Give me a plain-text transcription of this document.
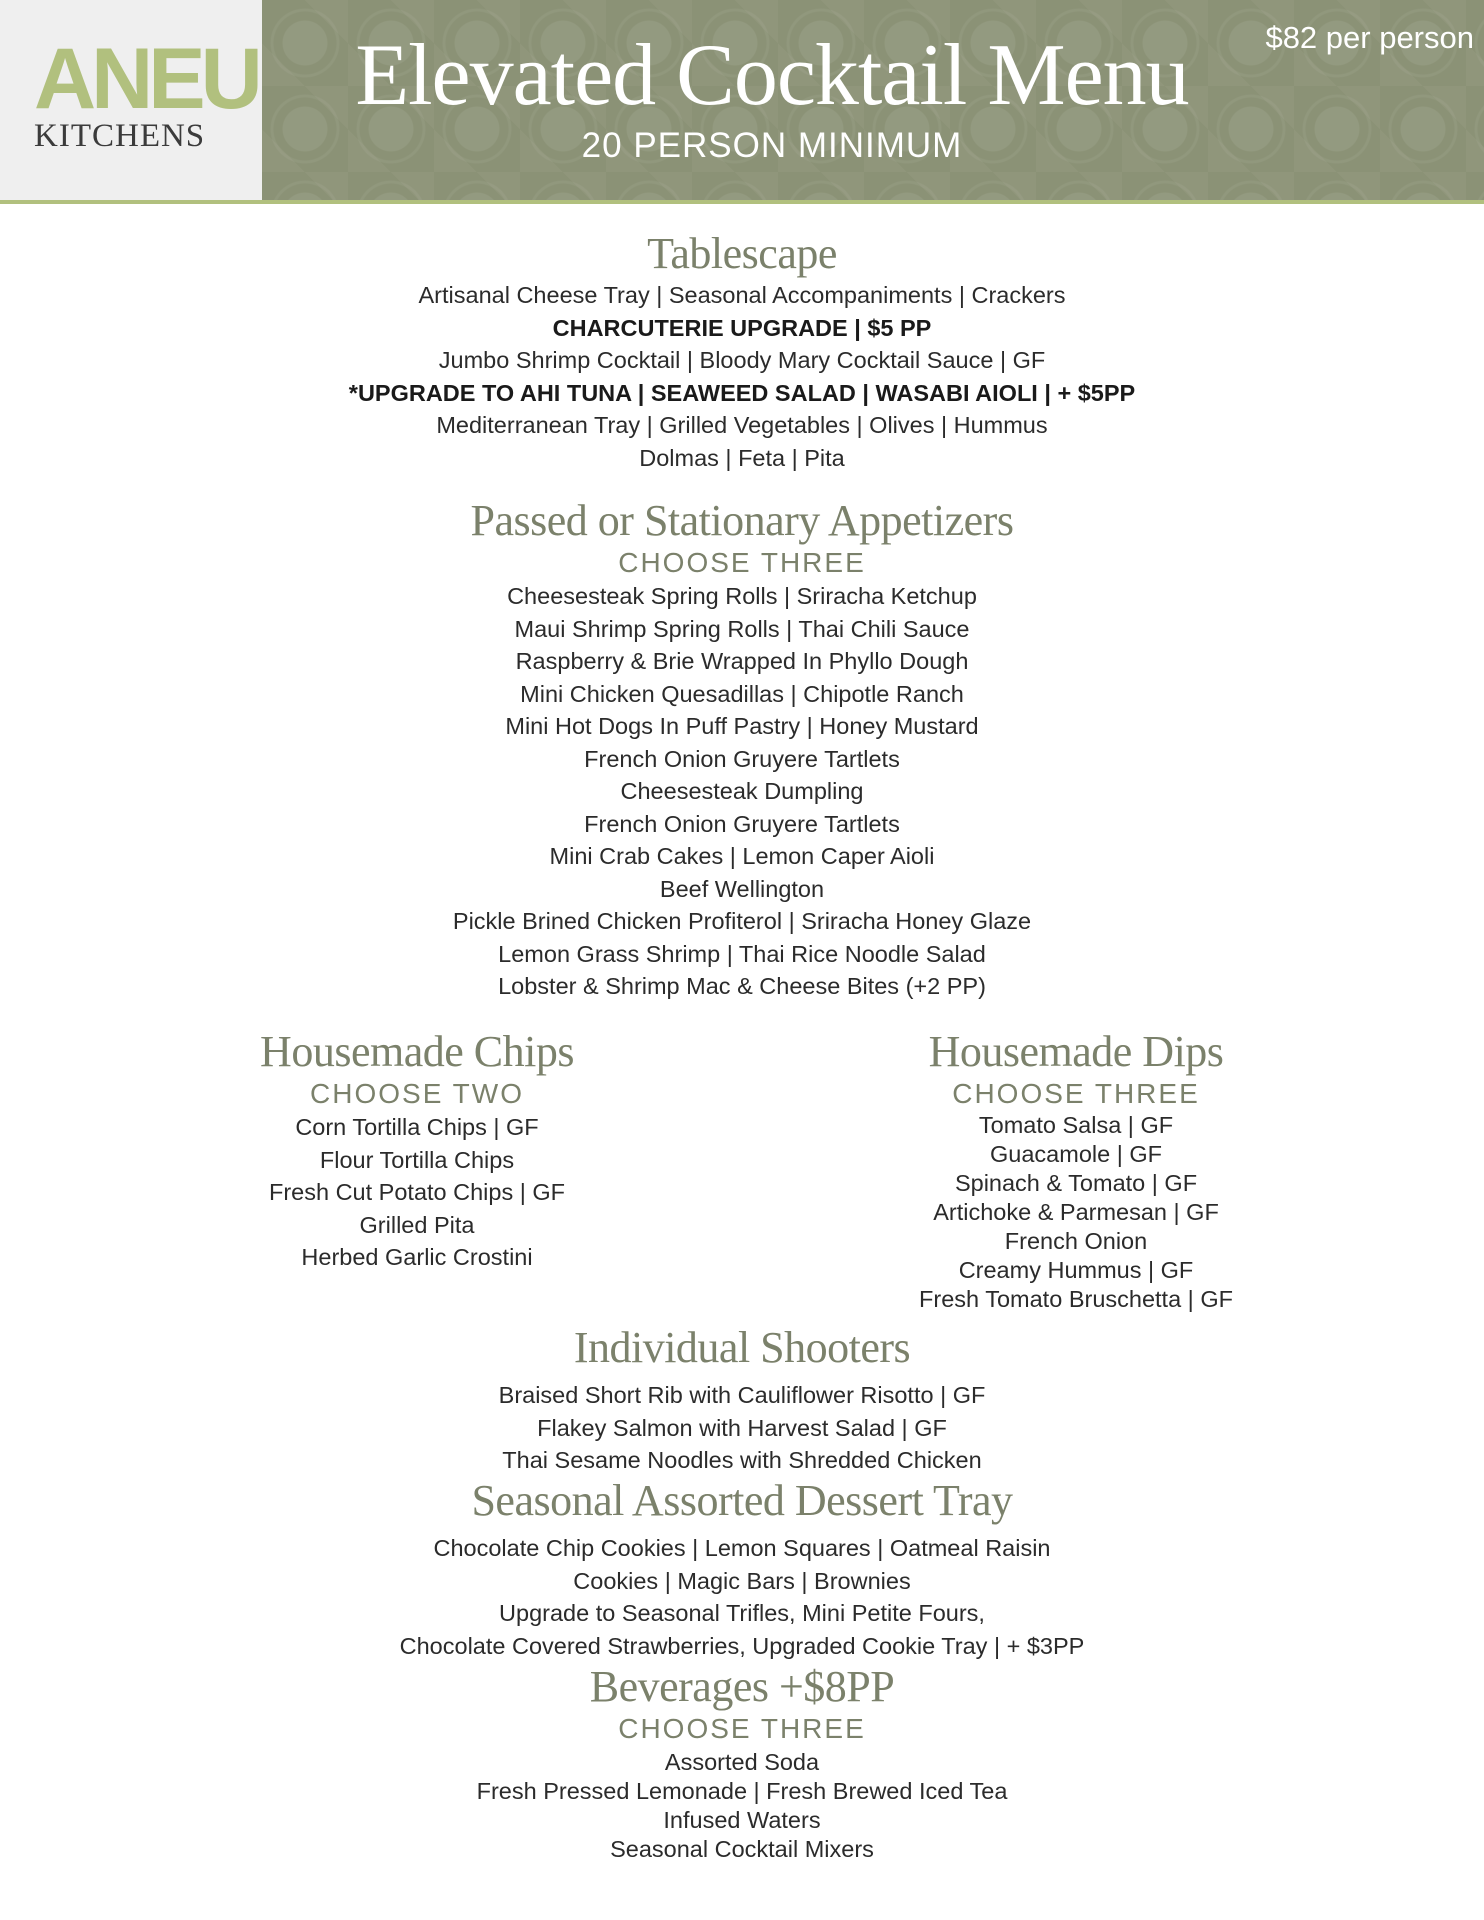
ANEU
KITCHENS
Elevated Cocktail Menu
20 PERSON MINIMUM
$82 per person
Tablescape
Artisanal Cheese Tray | Seasonal Accompaniments | Crackers
CHARCUTERIE UPGRADE | $5 PP
Jumbo Shrimp Cocktail | Bloody Mary Cocktail Sauce | GF
*UPGRADE TO AHI TUNA | SEAWEED SALAD | WASABI AIOLI | + $5PP
Mediterranean Tray | Grilled Vegetables | Olives | Hummus
Dolmas | Feta | Pita
Passed or Stationary Appetizers
CHOOSE THREE
Cheesesteak Spring Rolls | Sriracha Ketchup
Maui Shrimp Spring Rolls | Thai Chili Sauce
Raspberry & Brie Wrapped In Phyllo Dough
Mini Chicken Quesadillas | Chipotle Ranch
Mini Hot Dogs In Puff Pastry | Honey Mustard
French Onion Gruyere Tartlets
Cheesesteak Dumpling
French Onion Gruyere Tartlets
Mini Crab Cakes | Lemon Caper Aioli
Beef Wellington
Pickle Brined Chicken Profiterol | Sriracha Honey Glaze
Lemon Grass Shrimp | Thai Rice Noodle Salad
Lobster & Shrimp Mac & Cheese Bites (+2 PP)
Housemade Chips
CHOOSE TWO
Corn Tortilla Chips | GF
Flour Tortilla Chips
Fresh Cut Potato Chips | GF
Grilled Pita
Herbed Garlic Crostini
Housemade Dips
CHOOSE THREE
Tomato Salsa | GF
Guacamole | GF
Spinach & Tomato | GF
Artichoke & Parmesan | GF
French Onion
Creamy Hummus | GF
Fresh Tomato Bruschetta | GF
Individual Shooters
Braised Short Rib with Cauliflower Risotto | GF
Flakey Salmon with Harvest Salad | GF
Thai Sesame Noodles with Shredded Chicken
Seasonal Assorted Dessert Tray
Chocolate Chip Cookies | Lemon Squares | Oatmeal Raisin
Cookies | Magic Bars | Brownies
Upgrade to Seasonal Trifles, Mini Petite Fours,
Chocolate Covered Strawberries, Upgraded Cookie Tray | + $3PP
Beverages +$8PP
CHOOSE THREE
Assorted Soda
Fresh Pressed Lemonade | Fresh Brewed Iced Tea
Infused Waters
Seasonal Cocktail Mixers
